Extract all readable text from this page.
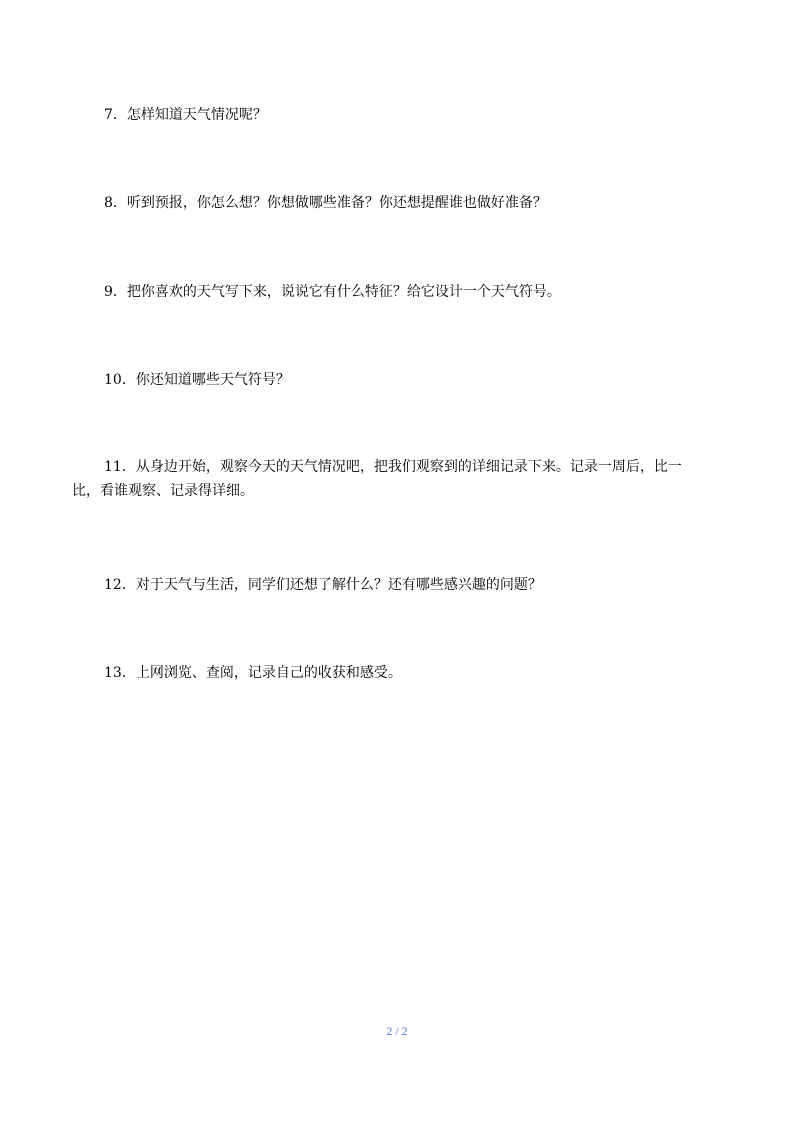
7．怎样知道天气情况呢？

8．听到预报，你怎么想？你想做哪些准备？你还想提醒谁也做好准备？

9．把你喜欢的天气写下来，说说它有什么特征？给它设计一个天气符号。

10．你还知道哪些天气符号？

11．从身边开始，观察今天的天气情况吧，把我们观察到的详细记录下来。记录一周后，比一比，看谁观察、记录得详细。

12．对于天气与生活，同学们还想了解什么？还有哪些感兴趣的问题？

13．上网浏览、查阅，记录自己的收获和感受。

2 / 2
